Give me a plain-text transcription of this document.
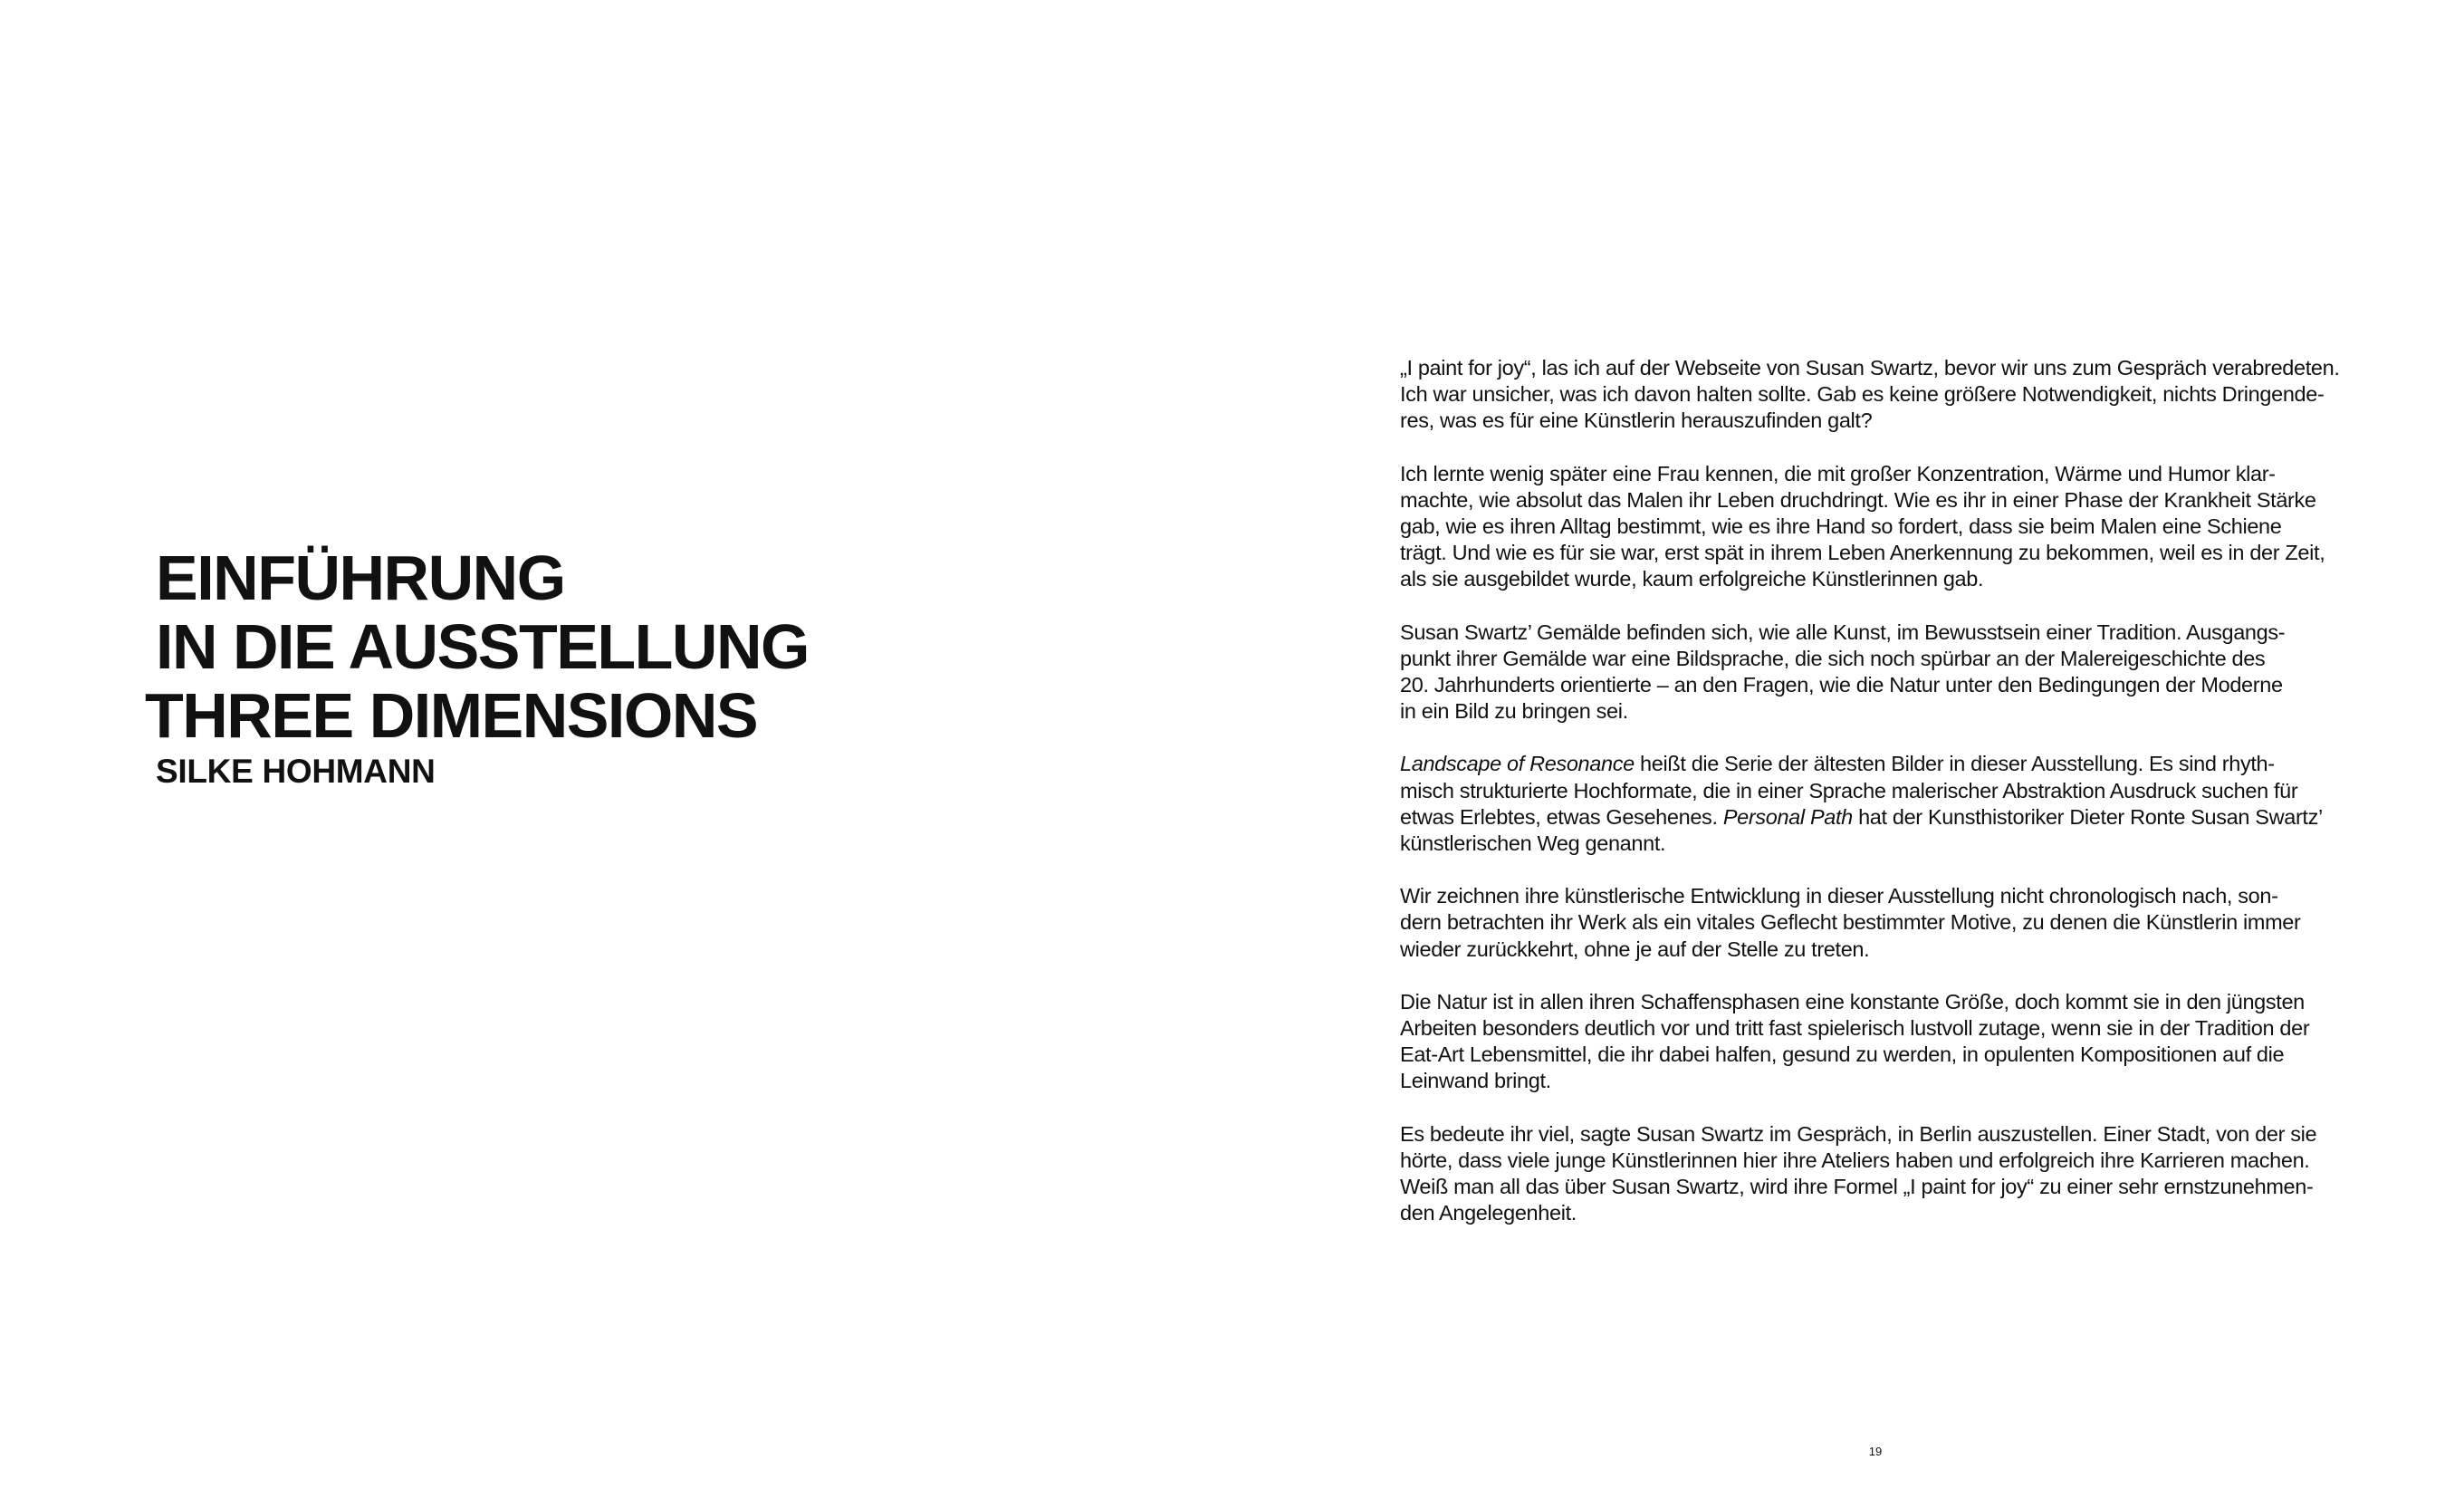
EINFÜHRUNG
IN DIE AUSSTELLUNG
THREE DIMENSIONS
SILKE HOHMANN

„I paint for joy“, las ich auf der Webseite von Susan Swartz, bevor wir uns zum Gespräch verabredeten.
Ich war unsicher, was ich davon halten sollte. Gab es keine größere Notwendigkeit, nichts Dringende-
res, was es für eine Künstlerin herauszufinden galt?

Ich lernte wenig später eine Frau kennen, die mit großer Konzentration, Wärme und Humor klar-
machte, wie absolut das Malen ihr Leben druchdringt. Wie es ihr in einer Phase der Krankheit Stärke
gab, wie es ihren Alltag bestimmt, wie es ihre Hand so fordert, dass sie beim Malen eine Schiene
trägt. Und wie es für sie war, erst spät in ihrem Leben Anerkennung zu bekommen, weil es in der Zeit,
als sie ausgebildet wurde, kaum erfolgreiche Künstlerinnen gab.

Susan Swartz’ Gemälde befinden sich, wie alle Kunst, im Bewusstsein einer Tradition. Ausgangs-
punkt ihrer Gemälde war eine Bildsprache, die sich noch spürbar an der Malereigeschichte des
20. Jahrhunderts orientierte – an den Fragen, wie die Natur unter den Bedingungen der Moderne
in ein Bild zu bringen sei.

Landscape of Resonance heißt die Serie der ältesten Bilder in dieser Ausstellung. Es sind rhyth-
misch strukturierte Hochformate, die in einer Sprache malerischer Abstraktion Ausdruck suchen für
etwas Erlebtes, etwas Gesehenes. Personal Path hat der Kunsthistoriker Dieter Ronte Susan Swartz’
künstlerischen Weg genannt.

Wir zeichnen ihre künstlerische Entwicklung in dieser Ausstellung nicht chronologisch nach, son-
dern betrachten ihr Werk als ein vitales Geflecht bestimmter Motive, zu denen die Künstlerin immer
wieder zurückkehrt, ohne je auf der Stelle zu treten.

Die Natur ist in allen ihren Schaffensphasen eine konstante Größe, doch kommt sie in den jüngsten
Arbeiten besonders deutlich vor und tritt fast spielerisch lustvoll zutage, wenn sie in der Tradition der
Eat-Art Lebensmittel, die ihr dabei halfen, gesund zu werden, in opulenten Kompositionen auf die
Leinwand bringt.

Es bedeute ihr viel, sagte Susan Swartz im Gespräch, in Berlin auszustellen. Einer Stadt, von der sie
hörte, dass viele junge Künstlerinnen hier ihre Ateliers haben und erfolgreich ihre Karrieren machen.
Weiß man all das über Susan Swartz, wird ihre Formel „I paint for joy“ zu einer sehr ernstzunehmen-
den Angelegenheit.

19
